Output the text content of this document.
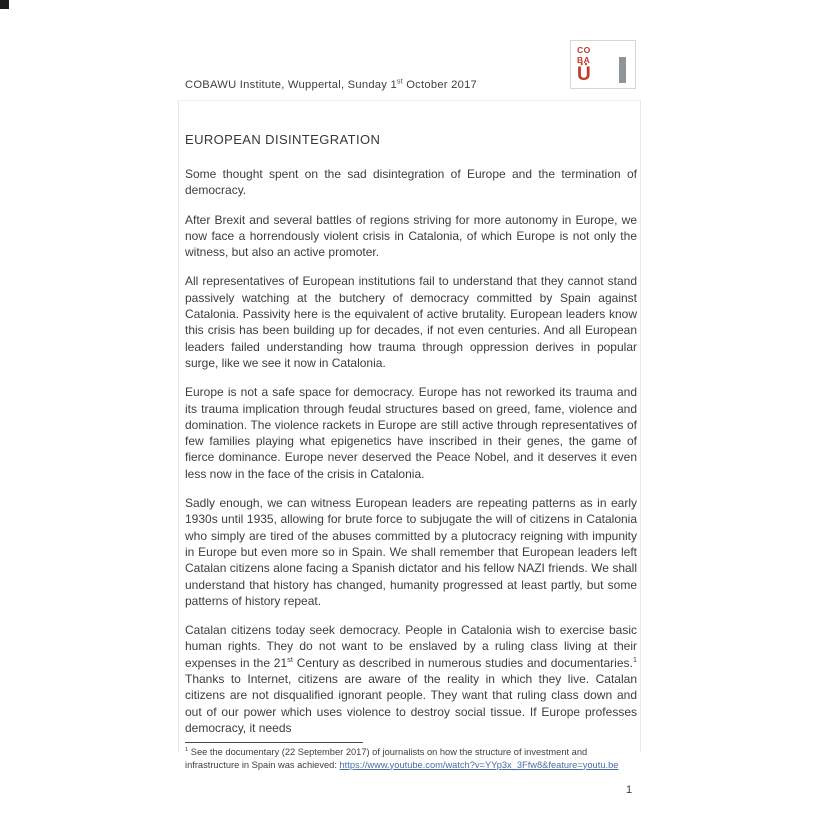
COBAWU Institute, Wuppertal, Sunday 1st October 2017
CO
BA
Ü
EUROPEAN DISINTEGRATION

Some thought spent on the sad disintegration of Europe and the termination of democracy.

After Brexit and several battles of regions striving for more autonomy in Europe, we now face a horrendously violent crisis in Catalonia, of which Europe is not only the witness, but also an active promoter.

All representatives of European institutions fail to understand that they cannot stand passively watching at the butchery of democracy committed by Spain against Catalonia. Passivity here is the equivalent of active brutality. European leaders know this crisis has been building up for decades, if not even centuries. And all European leaders failed understanding how trauma through oppression derives in popular surge, like we see it now in Catalonia.

Europe is not a safe space for democracy. Europe has not reworked its trauma and its trauma implication through feudal structures based on greed, fame, violence and domination. The violence rackets in Europe are still active through representatives of few families playing what epigenetics have inscribed in their genes, the game of fierce dominance. Europe never deserved the Peace Nobel, and it deserves it even less now in the face of the crisis in Catalonia.

Sadly enough, we can witness European leaders are repeating patterns as in early 1930s until 1935, allowing for brute force to subjugate the will of citizens in Catalonia who simply are tired of the abuses committed by a plutocracy reigning with impunity in Europe but even more so in Spain. We shall remember that European leaders left Catalan citizens alone facing a Spanish dictator and his fellow NAZI friends. We shall understand that history has changed, humanity progressed at least partly, but some patterns of history repeat.

Catalan citizens today seek democracy. People in Catalonia wish to exercise basic human rights. They do not want to be enslaved by a ruling class living at their expenses in the 21st Century as described in numerous studies and documentaries.$^1$ Thanks to Internet, citizens are aware of the reality in which they live. Catalan citizens are not disqualified ignorant people. They want that ruling class down and out of our power which uses violence to destroy social tissue. If Europe professes democracy, it needs

$^1$ See the documentary (22 September 2017) of journalists on how the structure of investment and infrastructure in Spain was achieved: https://www.youtube.com/watch?v=YYp3x_3Ffw8&feature=youtu.be

1
